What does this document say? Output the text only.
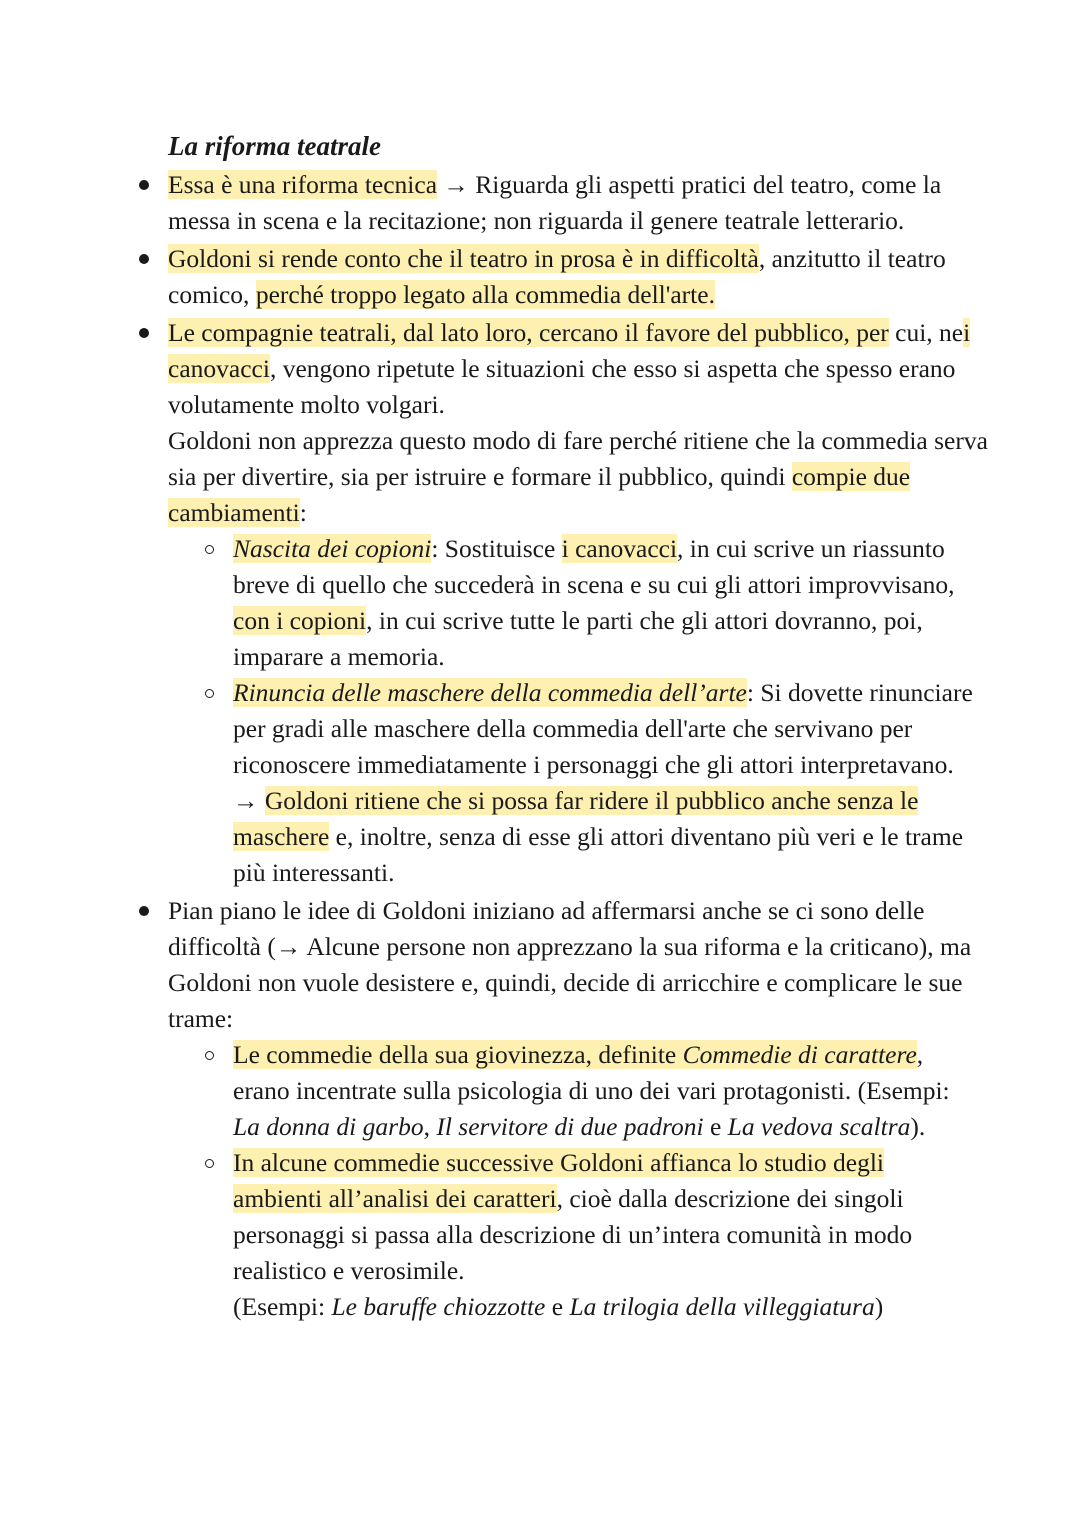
La riforma teatrale

Essa è una riforma tecnica → Riguarda gli aspetti pratici del teatro, come la messa in scena e la recitazione; non riguarda il genere teatrale letterario.

Goldoni si rende conto che il teatro in prosa è in difficoltà, anzitutto il teatro comico, perché troppo legato alla commedia dell'arte.

Le compagnie teatrali, dal lato loro, cercano il favore del pubblico, per cui, nei canovacci, vengono ripetute le situazioni che esso si aspetta che spesso erano volutamente molto volgari.

Goldoni non apprezza questo modo di fare perché ritiene che la commedia serva sia per divertire, sia per istruire e formare il pubblico, quindi compie due cambiamenti:

Nascita dei copioni: Sostituisce i canovacci, in cui scrive un riassunto breve di quello che succederà in scena e su cui gli attori improvvisano, con i copioni, in cui scrive tutte le parti che gli attori dovranno, poi, imparare a memoria.

Rinuncia delle maschere della commedia dell’arte: Si dovette rinunciare per gradi alle maschere della commedia dell'arte che servivano per riconoscere immediatamente i personaggi che gli attori interpretavano. → Goldoni ritiene che si possa far ridere il pubblico anche senza le maschere e, inoltre, senza di esse gli attori diventano più veri e le trame più interessanti.

Pian piano le idee di Goldoni iniziano ad affermarsi anche se ci sono delle difficoltà (→ Alcune persone non apprezzano la sua riforma e la criticano), ma Goldoni non vuole desistere e, quindi, decide di arricchire e complicare le sue trame:

Le commedie della sua giovinezza, definite Commedie di carattere, erano incentrate sulla psicologia di uno dei vari protagonisti. (Esempi: La donna di garbo, Il servitore di due padroni e La vedova scaltra).

In alcune commedie successive Goldoni affianca lo studio degli ambienti all’analisi dei caratteri, cioè dalla descrizione dei singoli personaggi si passa alla descrizione di un’intera comunità in modo realistico e verosimile.

(Esempi: Le baruffe chiozzotte e La trilogia della villeggiatura)
